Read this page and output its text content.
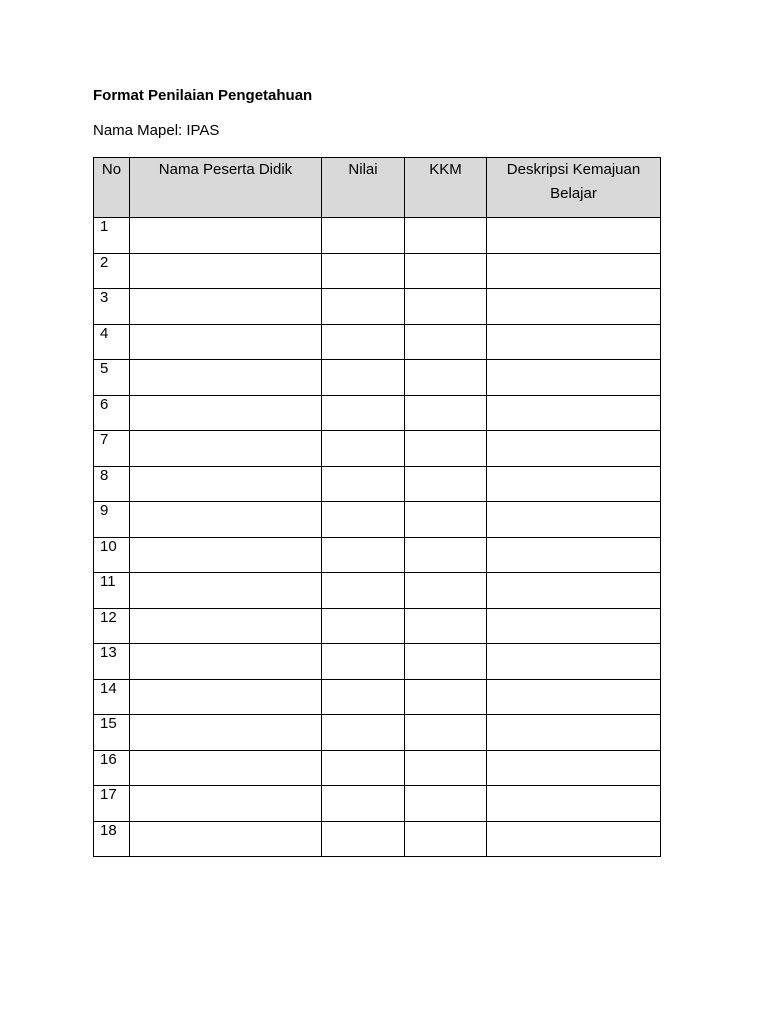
Format Penilaian Pengetahuan

Nama Mapel: IPAS

No	Nama Peserta Didik	Nilai	KKM	Deskripsi Kemajuan Belajar
1				
2				
3				
4				
5				
6				
7				
8				
9				
10				
11				
12				
13				
14				
15				
16				
17				
18				
